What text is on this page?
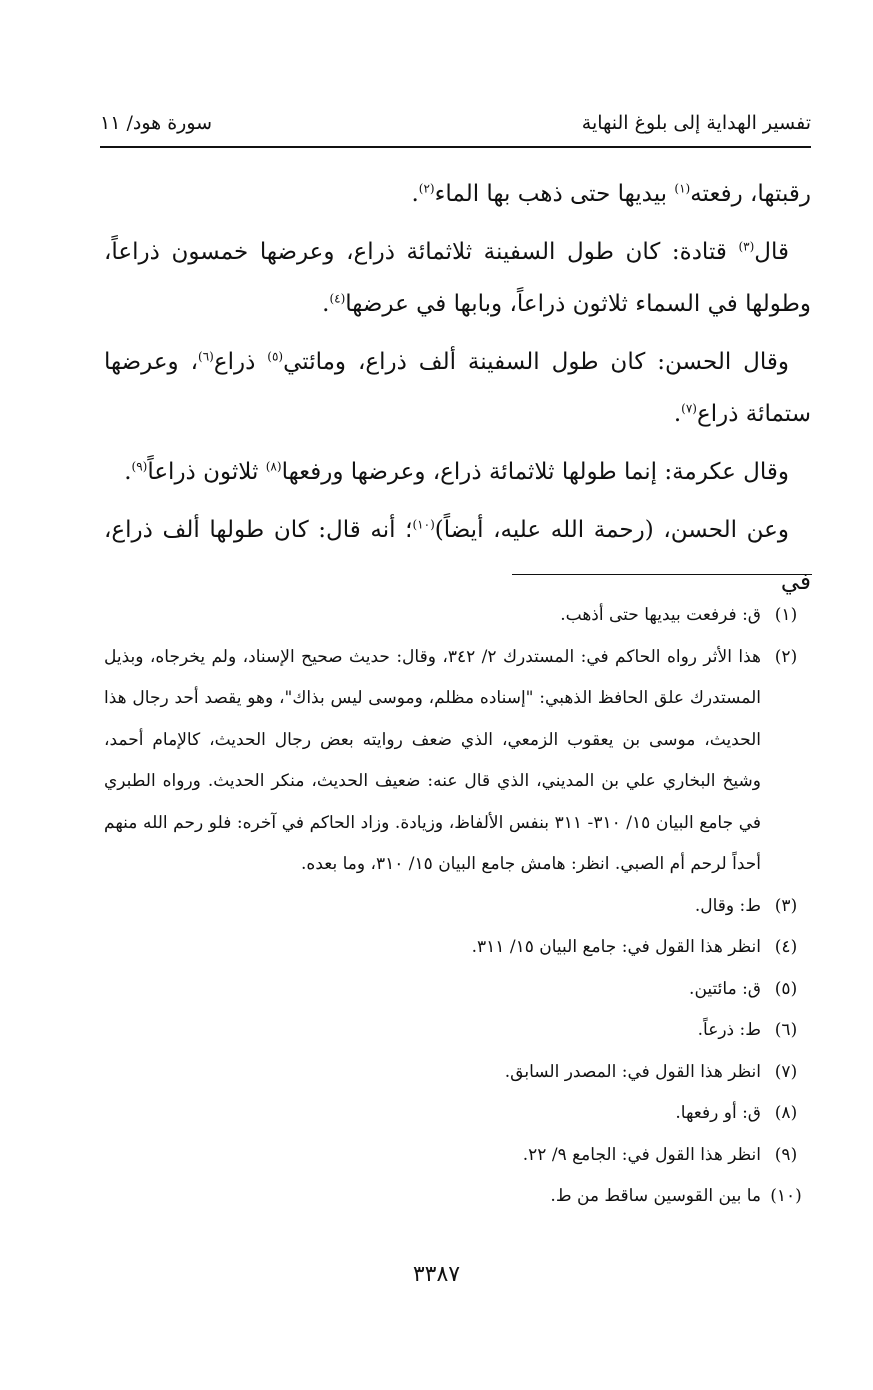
تفسير الهداية إلى بلوغ النهاية
سورة هود/ ١١

رقبتها، رفعته$^{(١)}$ بيديها حتى ذهب بها الماء$^{(٢)}$.

قال$^{(٣)}$ قتادة: كان طول السفينة ثلاثمائة ذراع، وعرضها خمسون ذراعاً، وطولها في السماء ثلاثون ذراعاً، وبابها في عرضها$^{(٤)}$.

وقال الحسن: كان طول السفينة ألف ذراع، ومائتي$^{(٥)}$ ذراع$^{(٦)}$، وعرضها ستمائة ذراع$^{(٧)}$.

وقال عكرمة: إنما طولها ثلاثمائة ذراع، وعرضها ورفعها$^{(٨)}$ ثلاثون ذراعاً$^{(٩)}$.

وعن الحسن، (رحمة الله عليه، أيضاً)$^{(١٠)}$؛ أنه قال: كان طولها ألف ذراع، في

(١)
ق: فرفعت بيديها حتى أذهب.
(٢)
هذا الأثر رواه الحاكم في: المستدرك ٢/ ٣٤٢، وقال: حديث صحيح الإسناد، ولم يخرجاه، وبذيل المستدرك علق الحافظ الذهبي: "إسناده مظلم، وموسى ليس بذاك"، وهو يقصد أحد رجال هذا الحديث، موسى بن يعقوب الزمعي، الذي ضعف روايته بعض رجال الحديث، كالإمام أحمد، وشيخ البخاري علي بن المديني، الذي قال عنه: ضعيف الحديث، منكر الحديث. ورواه الطبري في جامع البيان ١٥/ ٣١٠- ٣١١ بنفس الألفاظ، وزيادة. وزاد الحاكم في آخره: فلو رحم الله منهم أحداً لرحم أم الصبي. انظر: هامش جامع البيان ١٥/ ٣١٠، وما بعده.
(٣)
ط: وقال.
(٤)
انظر هذا القول في: جامع البيان ١٥/ ٣١١.
(٥)
ق: مائتين.
(٦)
ط: ذرعاً.
(٧)
انظر هذا القول في: المصدر السابق.
(٨)
ق: أو رفعها.
(٩)
انظر هذا القول في: الجامع ٩/ ٢٢.
(١٠)
ما بين القوسين ساقط من ط.
٣٣٨٧
